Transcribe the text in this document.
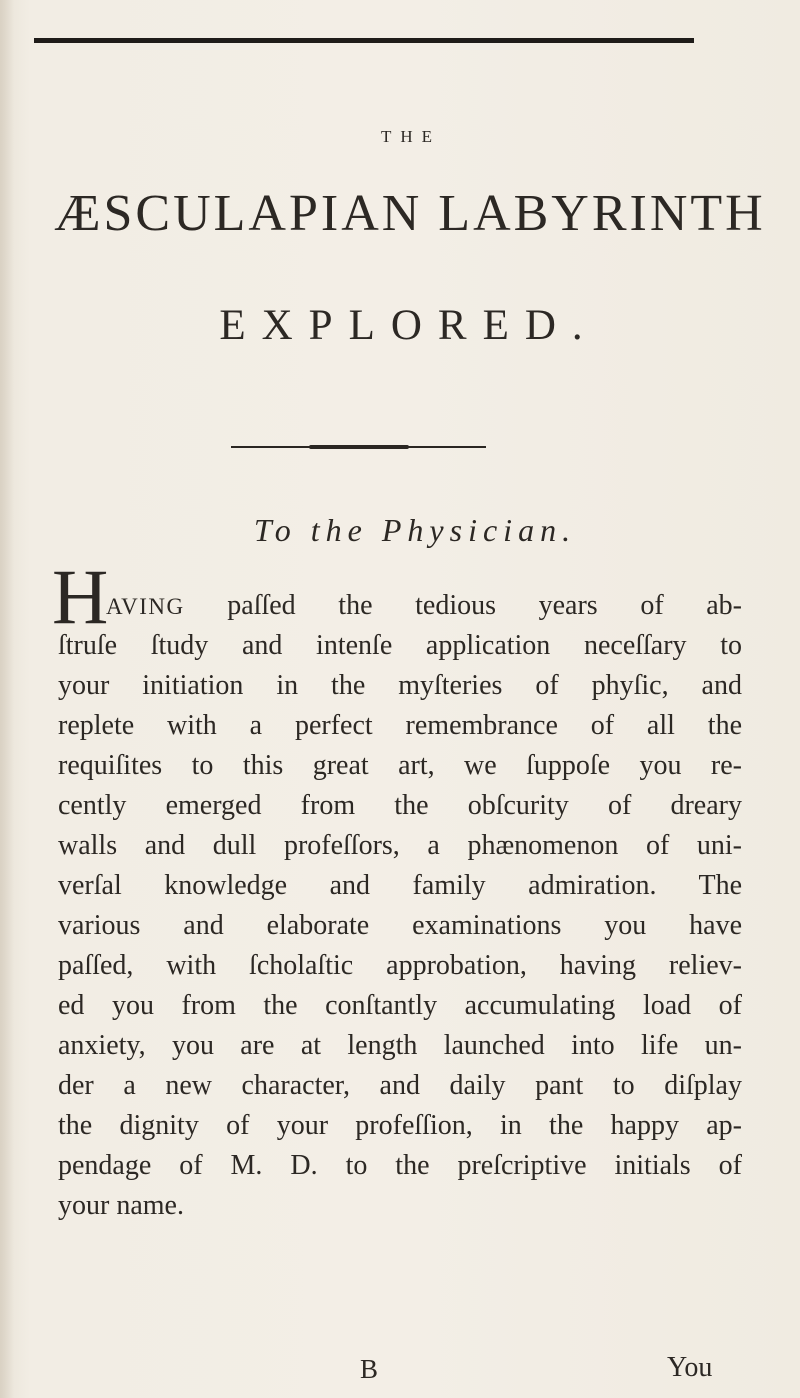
THE
ÆSCULAPIAN LABYRINTH
EXPLORED.
To the Physician.
H
AVING paſſed the tedious years of ab-
ſtruſe ſtudy and intenſe application neceſſary to
your initiation in the myſteries of phyſic, and
replete with a perfect remembrance of all the
requiſites to this great art, we ſuppoſe you re-
cently emerged from the obſcurity of dreary
walls and dull profeſſors, a phænomenon of uni-
verſal knowledge and family admiration. The
various and elaborate examinations you have
paſſed, with ſcholaſtic approbation, having reliev-
ed you from the conſtantly accumulating load of
anxiety, you are at length launched into life un-
der a new character, and daily pant to diſplay
the dignity of your profeſſion, in the happy ap-
pendage of M. D. to the preſcriptive initials of
your name.
B	You
